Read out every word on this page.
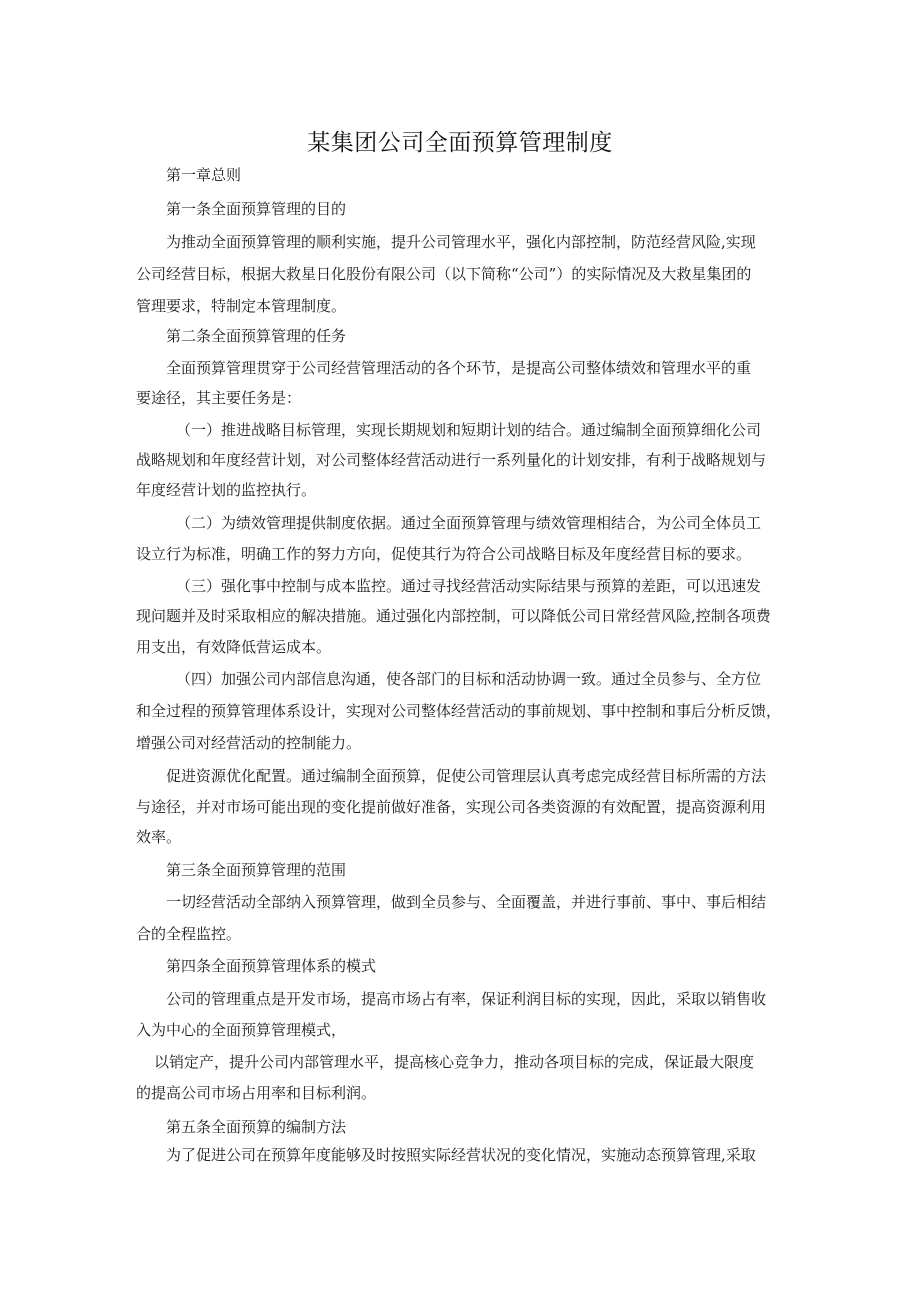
某集团公司全面预算管理制度
第一章总则
第一条全面预算管理的目的
为推动全面预算管理的顺利实施，提升公司管理水平，强化内部控制，防范经营风险,实现
公司经营目标，根据大救星日化股份有限公司（以下简称“公司”）的实际情况及大救星集团的
管理要求，特制定本管理制度。
第二条全面预算管理的任务
全面预算管理贯穿于公司经营管理活动的各个环节，是提高公司整体绩效和管理水平的重
要途径，其主要任务是：
（一）推进战略目标管理，实现长期规划和短期计划的结合。通过编制全面预算细化公司
战略规划和年度经营计划，对公司整体经营活动进行一系列量化的计划安排，有利于战略规划与
年度经营计划的监控执行。
（二）为绩效管理提供制度依据。通过全面预算管理与绩效管理相结合，为公司全体员工
设立行为标准，明确工作的努力方向，促使其行为符合公司战略目标及年度经营目标的要求。
（三）强化事中控制与成本监控。通过寻找经营活动实际结果与预算的差距，可以迅速发
现问题并及时采取相应的解决措施。通过强化内部控制，可以降低公司日常经营风险,控制各项费
用支出，有效降低营运成本。
（四）加强公司内部信息沟通，使各部门的目标和活动协调一致。通过全员参与、全方位
和全过程的预算管理体系设计，实现对公司整体经营活动的事前规划、事中控制和事后分析反馈，
增强公司对经营活动的控制能力。
促进资源优化配置。通过编制全面预算，促使公司管理层认真考虑完成经营目标所需的方法
与途径，并对市场可能出现的变化提前做好准备，实现公司各类资源的有效配置，提高资源利用
效率。
第三条全面预算管理的范围
一切经营活动全部纳入预算管理，做到全员参与、全面覆盖，并进行事前、事中、事后相结
合的全程监控。
第四条全面预算管理体系的模式
公司的管理重点是开发市场，提高市场占有率，保证利润目标的实现，因此，采取以销售收
入为中心的全面预算管理模式，
以销定产，提升公司内部管理水平，提高核心竞争力，推动各项目标的完成，保证最大限度
的提高公司市场占用率和目标利润。
第五条全面预算的编制方法
为了促进公司在预算年度能够及时按照实际经营状况的变化情况，实施动态预算管理,采取
